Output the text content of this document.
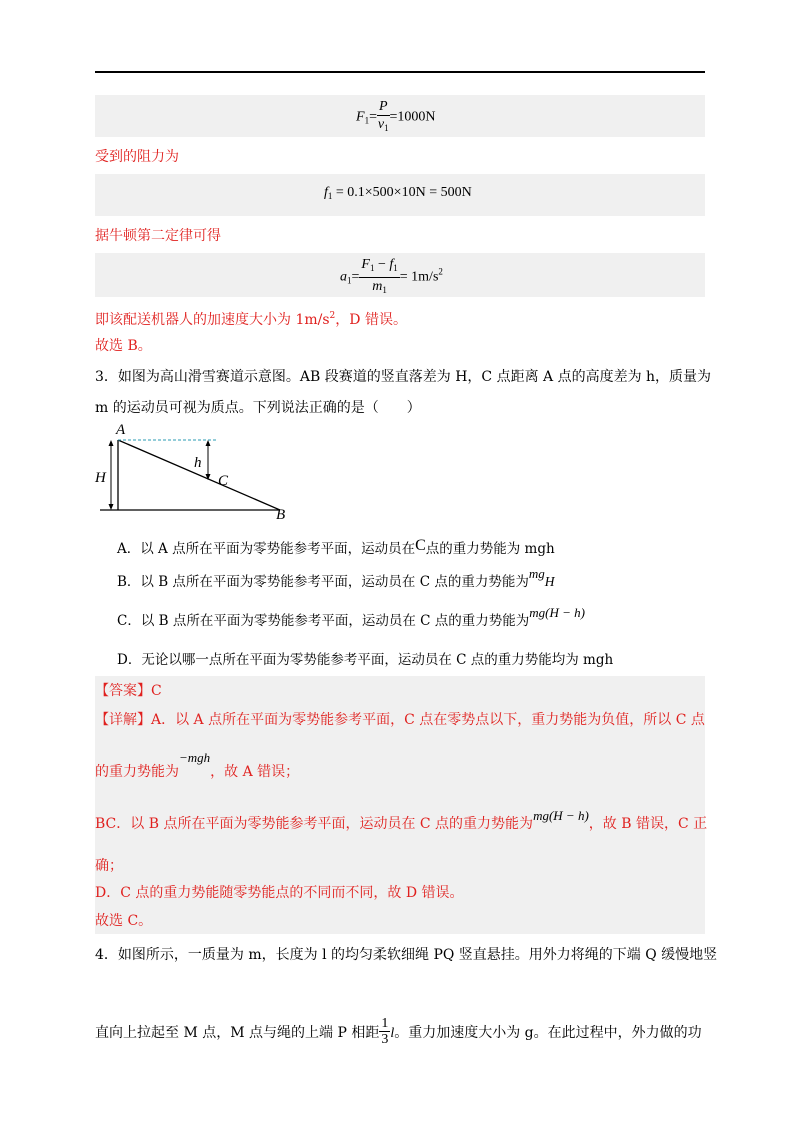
$F_1= \frac{P}{v_1} =1000N$
受到的阻力为
$f_1 = 0.1\times 500\times 10N = 500N$
据牛顿第二定律可得
$a_1= \frac{F_1 - f_1}{m_1} = 1m/s^2$
即该配送机器人的加速度大小为 $1m/s^2$，D 错误。
故选 B。
3．如图为高山滑雪赛道示意图。AB 段赛道的竖直落差为 H，C 点距离 A 点的高度差为 h，质量为
m 的运动员可视为质点。下列说法正确的是（　　）
A
B
C
H
h
A．以 A 点所在平面为零势能参考平面，运动员在C点的重力势能为 mgh
B．以 B 点所在平面为零势能参考平面，运动员在 C 点的重力势能为mgH
C．以 B 点所在平面为零势能参考平面，运动员在 C 点的重力势能为mg(H − h)
D．无论以哪一点所在平面为零势能参考平面，运动员在 C 点的重力势能均为 mgh
【答案】C
【详解】A．以 A 点所在平面为零势能参考平面，C 点在零势点以下，重力势能为负值，所以 C 点
的重力势能为−mgh，故 A 错误；
BC．以 B 点所在平面为零势能参考平面，运动员在 C 点的重力势能为mg(H − h)，故 B 错误，C 正
确；
D．C 点的重力势能随零势能点的不同而不同，故 D 错误。
故选 C。
4．如图所示，一质量为 m，长度为 l 的均匀柔软细绳 PQ 竖直悬挂。用外力将绳的下端 Q 缓慢地竖
直向上拉起至 M 点，M 点与绳的上端 P 相距 $\frac{1}{3}$ l。重力加速度大小为 g。在此过程中，外力做的功
